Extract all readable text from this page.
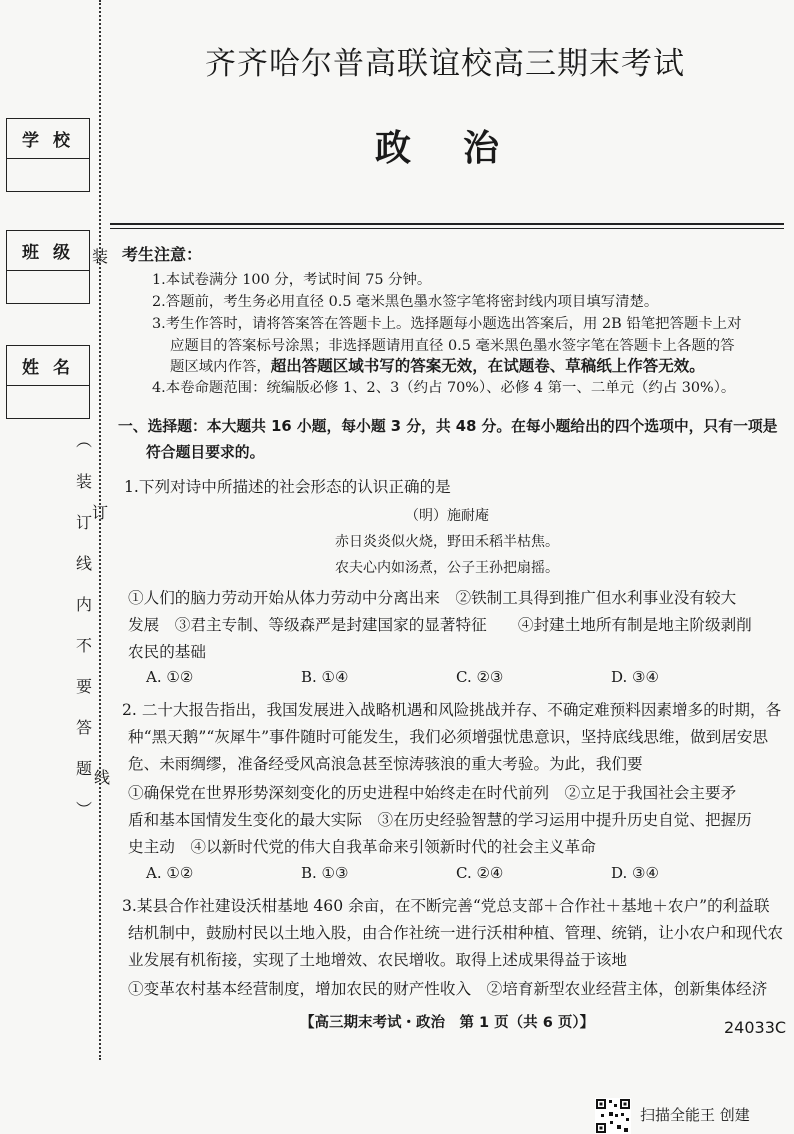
学校
班级
姓名
装
订
线
︵
装
订
线
内
不
要
答
题
︶
齐齐哈尔普高联谊校高三期末考试
政治
考生注意：
1.本试卷满分 100 分，考试时间 75 分钟。
2.答题前，考生务必用直径 0.5 毫米黑色墨水签字笔将密封线内项目填写清楚。
3.考生作答时，请将答案答在答题卡上。选择题每小题选出答案后，用 2B 铅笔把答题卡上对
应题目的答案标号涂黑；非选择题请用直径 0.5 毫米黑色墨水签字笔在答题卡上各题的答
题区域内作答，超出答题区域书写的答案无效，在试题卷、草稿纸上作答无效。
4.本卷命题范围：统编版必修 1、2、3（约占 70%）、必修 4 第一、二单元（约占 30%）。
一、选择题：本大题共 16 小题，每小题 3 分，共 48 分。在每小题给出的四个选项中，只有一项是
符合题目要求的。
1.下列对诗中所描述的社会形态的认识正确的是
（明）施耐庵
赤日炎炎似火烧，野田禾稻半枯焦。
农夫心内如汤煮，公子王孙把扇摇。
①人们的脑力劳动开始从体力劳动中分离出来　②铁制工具得到推广但水利事业没有较大
发展　③君主专制、等级森严是封建国家的显著特征　　④封建土地所有制是地主阶级剥削
农民的基础
A. ①②	B. ①④	C. ②③	D. ③④
2. 二十大报告指出，我国发展进入战略机遇和风险挑战并存、不确定难预料因素增多的时期，各
种“黑天鹅”“灰犀牛”事件随时可能发生，我们必须增强忧患意识，坚持底线思维，做到居安思
危、未雨绸缪，准备经受风高浪急甚至惊涛骇浪的重大考验。为此，我们要
①确保党在世界形势深刻变化的历史进程中始终走在时代前列　②立足于我国社会主要矛
盾和基本国情发生变化的最大实际　③在历史经验智慧的学习运用中提升历史自觉、把握历
史主动　④以新时代党的伟大自我革命来引领新时代的社会主义革命
A. ①②	B. ①③	C. ②④	D. ③④
3.某县合作社建设沃柑基地 460 余亩，在不断完善“党总支部＋合作社＋基地＋农户”的利益联
结机制中，鼓励村民以土地入股，由合作社统一进行沃柑种植、管理、统销，让小农户和现代农
业发展有机衔接，实现了土地增效、农民增收。取得上述成果得益于该地
①变革农村基本经营制度，增加农民的财产性收入　②培育新型农业经营主体，创新集体经济
【高三期末考试・政治　第 1 页（共 6 页）】	24033C
扫描全能王 创建
